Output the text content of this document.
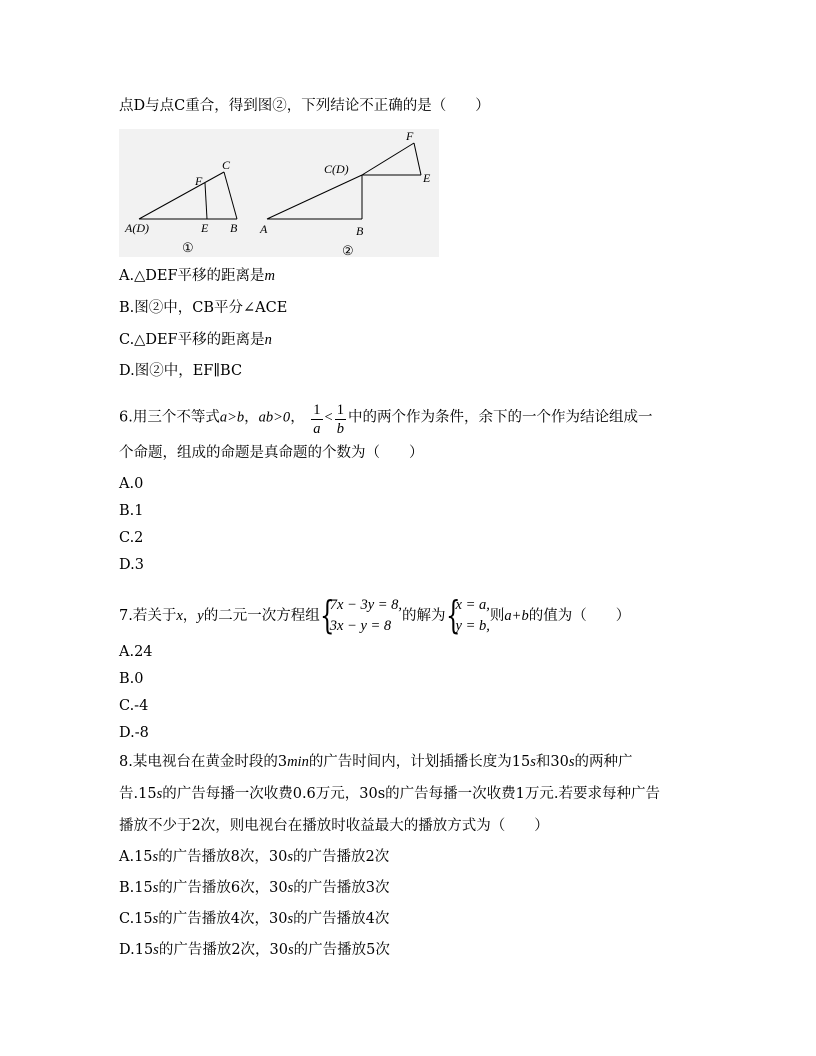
点D与点C重合，得到图②，下列结论不正确的是（　　）
A(D)	E B
C
F
A	B
C(D)
F
E
①	②
A.△DEF平移的距离是m
B.图②中，CB平分∠ACE
C.△DEF平移的距离是n
D.图②中，EF∥BC
6.用三个不等式a>b，ab>0， $\frac{1}{a} < \frac{1}{b}$ 中的两个作为条件，余下的一个作为结论组成一
个命题，组成的命题是真命题的个数为（　　）
A.0
B.1
C.2
D.3
7.若关于x，y的二元一次方程组 {
7x − 3y = 8,
3x − y = 8
的解为 {
x = a,
y = b,
则a+b的值为（　　）
A.24
B.0
C.-4
D.-8
8.某电视台在黄金时段的3min的广告时间内，计划插播长度为15s和30s的两种广
告.15s的广告每播一次收费0.6万元，30s的广告每播一次收费1万元.若要求每种广告
播放不少于2次，则电视台在播放时收益最大的播放方式为（　　）
A.15s的广告播放8次，30s的广告播放2次
B.15s的广告播放6次，30s的广告播放3次
C.15s的广告播放4次，30s的广告播放4次
D.15s的广告播放2次，30s的广告播放5次
